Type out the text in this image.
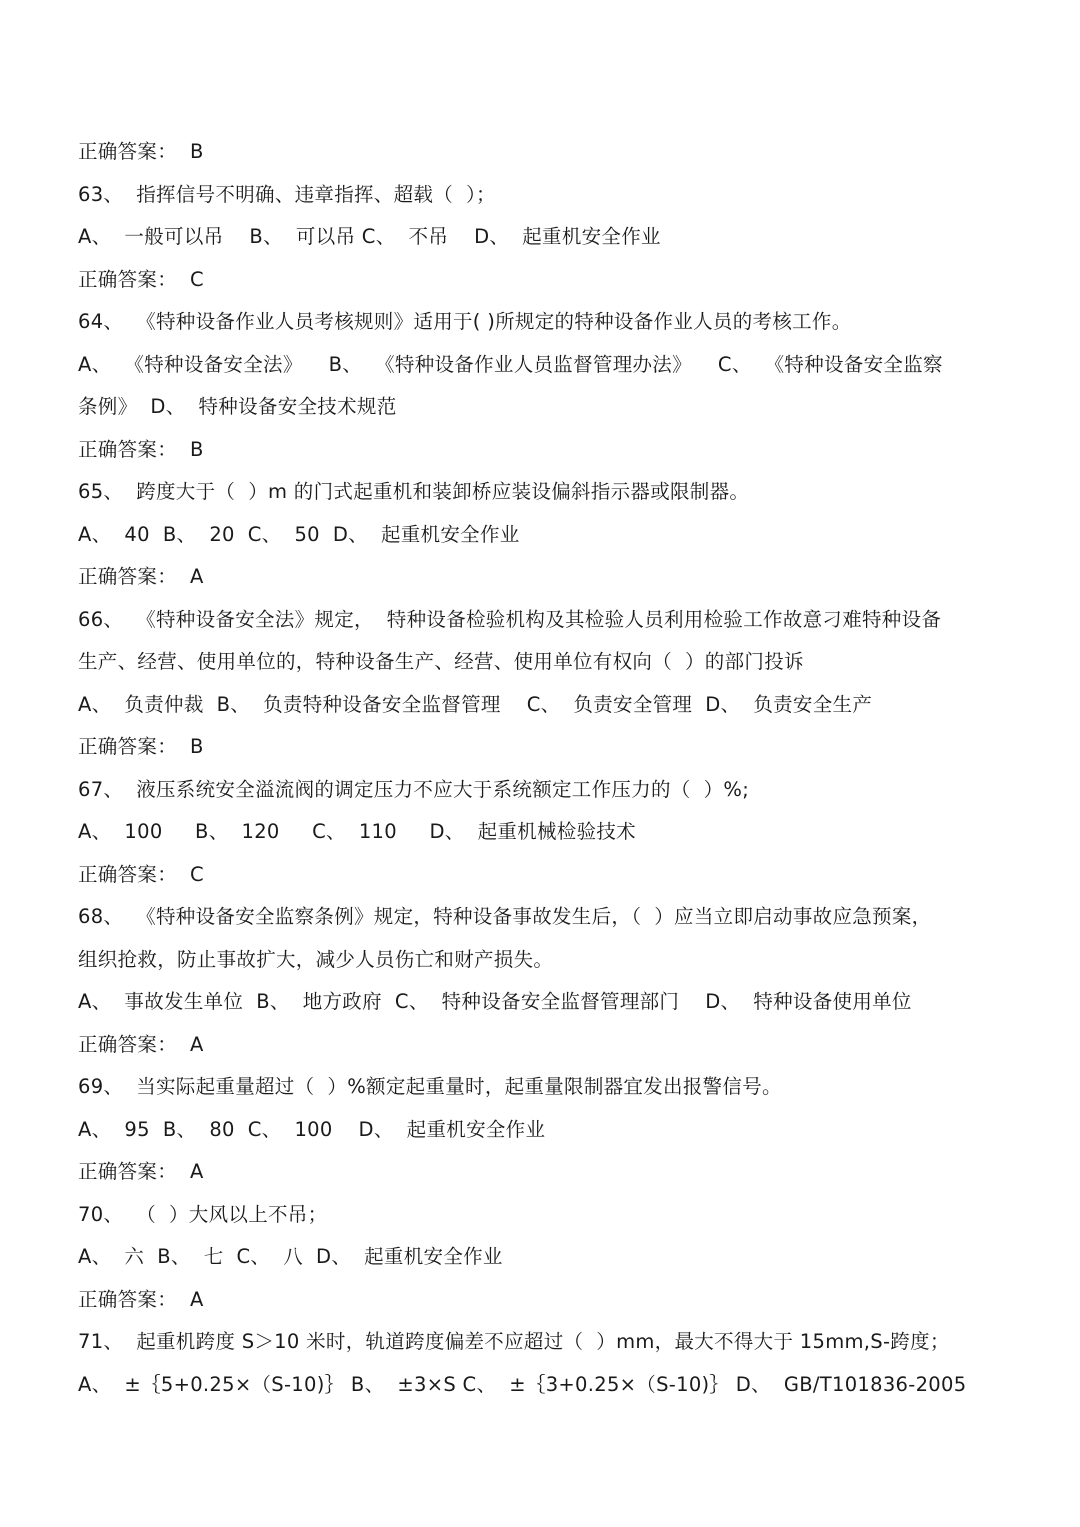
正确答案：  B
63、  指挥信号不明确、违章指挥、超载（  ）；
A、  一般可以吊    B、  可以吊 C、  不吊    D、  起重机安全作业
正确答案：  C
64、  《特种设备作业人员考核规则》适用于( )所规定的特种设备作业人员的考核工作。
A、  《特种设备安全法》    B、  《特种设备作业人员监督管理办法》    C、  《特种设备安全监察
条例》  D、  特种设备安全技术规范
正确答案：  B
65、  跨度大于（  ）m 的门式起重机和装卸桥应装设偏斜指示器或限制器。
A、  40  B、  20  C、  50  D、  起重机安全作业
正确答案：  A
66、  《特种设备安全法》规定，  特种设备检验机构及其检验人员利用检验工作故意刁难特种设备
生产、经营、使用单位的，特种设备生产、经营、使用单位有权向（  ）的部门投诉
A、  负责仲裁  B、  负责特种设备安全监督管理    C、  负责安全管理  D、  负责安全生产
正确答案：  B
67、  液压系统安全溢流阀的调定压力不应大于系统额定工作压力的（  ）%;
A、  100     B、  120     C、  110     D、  起重机械检验技术
正确答案：  C
68、  《特种设备安全监察条例》规定，特种设备事故发生后，（  ）应当立即启动事故应急预案，
组织抢救，防止事故扩大，减少人员伤亡和财产损失。
A、  事故发生单位  B、  地方政府  C、  特种设备安全监督管理部门    D、  特种设备使用单位
正确答案：  A
69、  当实际起重量超过（  ）%额定起重量时，起重量限制器宜发出报警信号。
A、  95  B、  80  C、  100    D、  起重机安全作业
正确答案：  A
70、  （  ）大风以上不吊；
A、  六  B、  七  C、  八  D、  起重机安全作业
正确答案：  A
71、  起重机跨度 S＞10 米时，轨道跨度偏差不应超过（  ）mm，最大不得大于 15mm,S-跨度；
A、  ±｛5+0.25×（S-10)｝ B、  ±3×S C、  ±｛3+0.25×（S-10)｝ D、  GB/T101836-2005
